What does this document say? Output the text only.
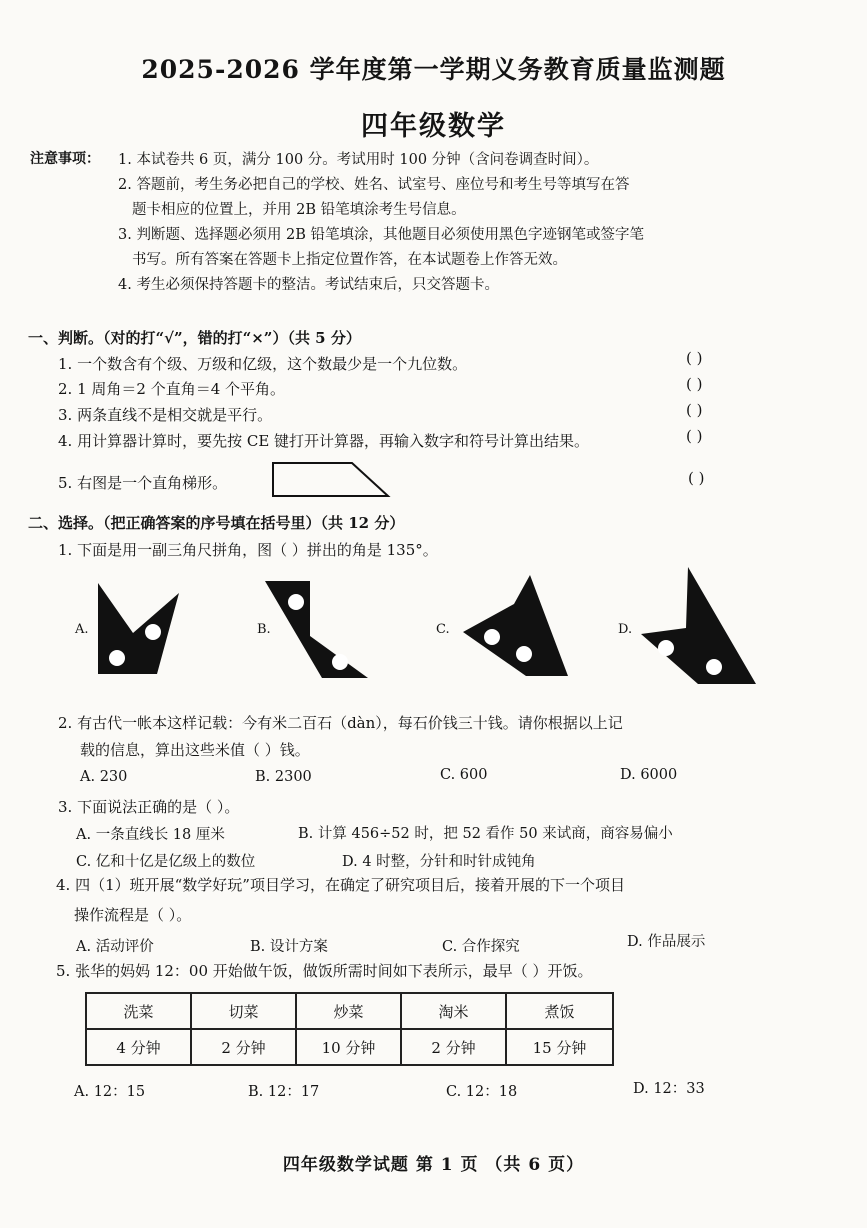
2025-2026 学年度第一学期义务教育质量监测题
四年级数学
注意事项： 1. 本试卷共 6 页，满分 100 分。考试用时 100 分钟（含问卷调查时间）。
2. 答题前，考生务必把自己的学校、姓名、试室号、座位号和考生号等填写在答
题卡相应的位置上，并用 2B 铅笔填涂考生号信息。
3. 判断题、选择题必须用 2B 铅笔填涂，其他题目必须使用黑色字迹钢笔或签字笔
书写。所有答案在答题卡上指定位置作答，在本试题卷上作答无效。
4. 考生必须保持答题卡的整洁。考试结束后，只交答题卡。
一、判断。（对的打“√”，错的打“×”）（共 5 分）
1. 一个数含有个级、万级和亿级，这个数最少是一个九位数。	( )
2. 1 周角＝2 个直角＝4 个平角。	( )
3. 两条直线不是相交就是平行。	( )
4. 用计算器计算时，要先按 CE 键打开计算器，再输入数字和符号计算出结果。	( )
5. 右图是一个直角梯形。	( )
二、选择。（把正确答案的序号填在括号里）（共 12 分）
1. 下面是用一副三角尺拼角，图（ ）拼出的角是 135°。
A.	B.	C.	D.
2. 有古代一帐本这样记载：今有米二百石（dàn），每石价钱三十钱。请你根据以上记
载的信息，算出这些米值（ ）钱。
A. 230	B. 2300	C. 600	D. 6000
3. 下面说法正确的是（ ）。
A. 一条直线长 18 厘米	B. 计算 456÷52 时，把 52 看作 50 来试商，商容易偏小
C. 亿和十亿是亿级上的数位	D. 4 时整，分针和时针成钝角
4. 四（1）班开展“数学好玩”项目学习，在确定了研究项目后，接着开展的下一个项目
操作流程是（ ）。
A. 活动评价	B. 设计方案	C. 合作探究	D. 作品展示
5. 张华的妈妈 12：00 开始做午饭，做饭所需时间如下表所示，最早（ ）开饭。
洗菜	切菜	炒菜	淘米	煮饭
4 分钟	2 分钟	10 分钟	2 分钟	15 分钟
A. 12：15	B. 12：17	C. 12：18	D. 12：33
四年级数学试题 第 1 页 （共 6 页）
